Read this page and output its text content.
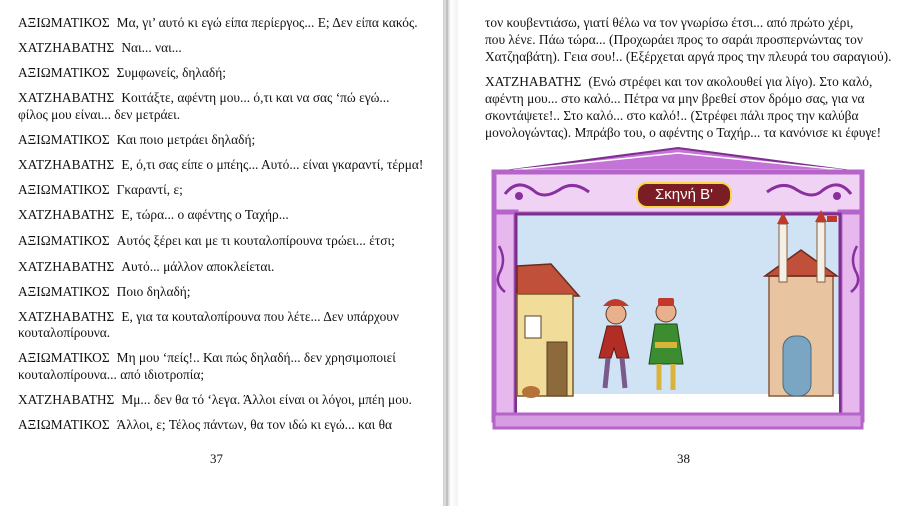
ΑΞΙΩΜΑΤΙΚΟΣ Μα, γι’ αυτό κι εγώ είπα περίεργος... Ε; Δεν είπα κακός.
ΧΑΤΖΗΑΒΑΤΗΣ Ναι... ναι...
ΑΞΙΩΜΑΤΙΚΟΣ Συμφωνείς, δηλαδή;
ΧΑΤΖΗΑΒΑΤΗΣ Κοιτάξτε, αφέντη μου... ό,τι και να σας ‘πώ εγώ...
φίλος μου είναι... δεν μετράει.
ΑΞΙΩΜΑΤΙΚΟΣ Και ποιο μετράει δηλαδή;
ΧΑΤΖΗΑΒΑΤΗΣ Ε, ό,τι σας είπε ο μπέης... Αυτό... είναι γκαραντί, τέρμα!
ΑΞΙΩΜΑΤΙΚΟΣ Γκαραντί, ε;
ΧΑΤΖΗΑΒΑΤΗΣ Ε, τώρα... ο αφέντης ο Ταχήρ...
ΑΞΙΩΜΑΤΙΚΟΣ Αυτός ξέρει και με τι κουταλοπίρουνα τρώει... έτσι;
ΧΑΤΖΗΑΒΑΤΗΣ Αυτό... μάλλον αποκλείεται.
ΑΞΙΩΜΑΤΙΚΟΣ Ποιο δηλαδή;
ΧΑΤΖΗΑΒΑΤΗΣ Ε, για τα κουταλοπίρουνα που λέτε... Δεν υπάρχουν
κουταλοπίρουνα.
ΑΞΙΩΜΑΤΙΚΟΣ Μη μου ‘πείς!.. Και πώς δηλαδή... δεν χρησιμοποιεί
κουταλοπίρουνα... από ιδιοτροπία;
ΧΑΤΖΗΑΒΑΤΗΣ Μμ... δεν θα τό ‘λεγα. Άλλοι είναι οι λόγοι, μπέη μου.
ΑΞΙΩΜΑΤΙΚΟΣ Άλλοι, ε; Τέλος πάντων, θα τον ιδώ κι εγώ... και θα
37
τον κουβεντιάσω, γιατί θέλω να τον γνωρίσω έτσι... από πρώτο χέρι,
που λένε. Πάω τώρα... (Προχωράει προς το σαράι προσπερνώντας τον
Χατζηαβάτη). Γεια σου!.. (Εξέρχεται αργά προς την πλευρά του σαραγιού).
ΧΑΤΖΗΑΒΑΤΗΣ (Ενώ στρέφει και τον ακολουθεί για λίγο). Στο καλό,
αφέντη μου... στο καλό... Πέτρα να μην βρεθεί στον δρόμο σας, για να
σκοντάψετε!.. Στο καλό... στο καλό!.. (Στρέφει πάλι προς την καλύβα
μονολογώντας). Μπράβο του, ο αφέντης ο Ταχήρ... τα κανόνισε κι έφυγε!
38
Σκηνή Β'
